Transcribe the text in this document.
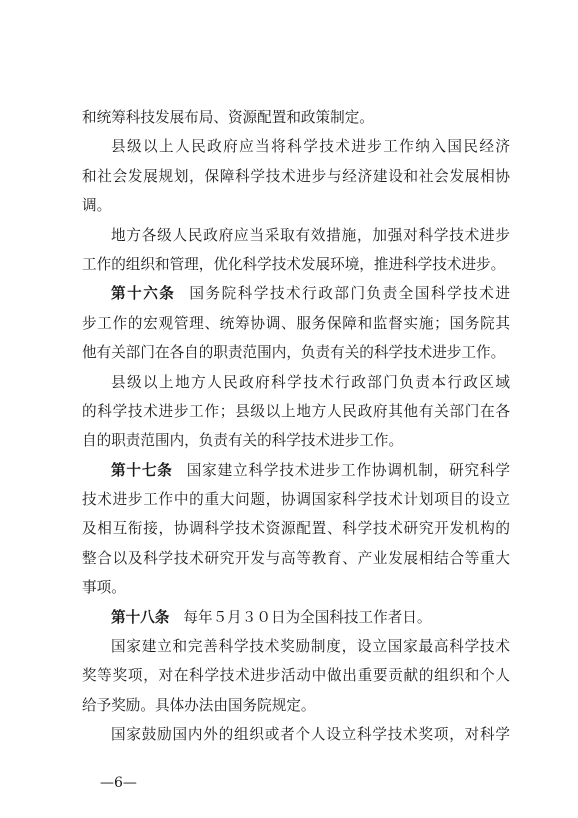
和统筹科技发展布局、资源配置和政策制定。
县级以上人民政府应当将科学技术进步工作纳入国民经济
和社会发展规划，保障科学技术进步与经济建设和社会发展相协
调。
地方各级人民政府应当采取有效措施，加强对科学技术进步
工作的组织和管理，优化科学技术发展环境，推进科学技术进步。
第十六条 国务院科学技术行政部门负责全国科学技术进
步工作的宏观管理、统筹协调、服务保障和监督实施；国务院其
他有关部门在各自的职责范围内，负责有关的科学技术进步工作。
县级以上地方人民政府科学技术行政部门负责本行政区域
的科学技术进步工作；县级以上地方人民政府其他有关部门在各
自的职责范围内，负责有关的科学技术进步工作。
第十七条 国家建立科学技术进步工作协调机制，研究科学
技术进步工作中的重大问题，协调国家科学技术计划项目的设立
及相互衔接，协调科学技术资源配置、科学技术研究开发机构的
整合以及科学技术研究开发与高等教育、产业发展相结合等重大
事项。
第十八条 每年５月３０日为全国科技工作者日。
国家建立和完善科学技术奖励制度，设立国家最高科学技术
奖等奖项，对在科学技术进步活动中做出重要贡献的组织和个人
给予奖励。具体办法由国务院规定。
国家鼓励国内外的组织或者个人设立科学技术奖项，对科学
—6—
